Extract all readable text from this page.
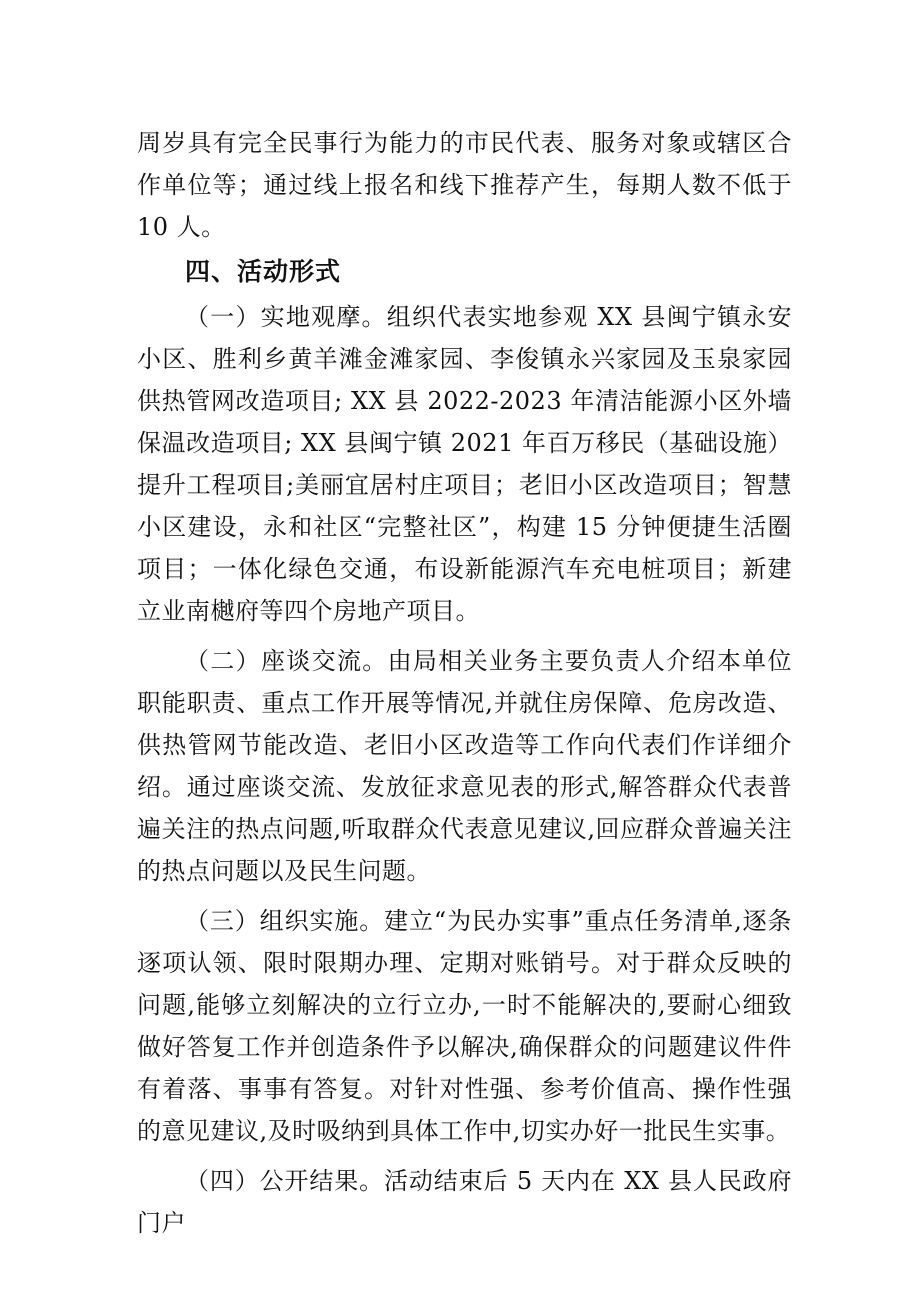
周岁具有完全民事行为能力的市民代表、服务对象或辖区合作单位等；通过线上报名和线下推荐产生，每期人数不低于 10 人。

四、活动形式

（一）实地观摩。组织代表实地参观 XX 县闽宁镇永安小区、胜利乡黄羊滩金滩家园、李俊镇永兴家园及玉泉家园供热管网改造项目; XX 县 2022-2023 年清洁能源小区外墙保温改造项目; XX 县闽宁镇 2021 年百万移民（基础设施）提升工程项目;美丽宜居村庄项目；老旧小区改造项目；智慧小区建设，永和社区“完整社区”，构建 15 分钟便捷生活圈项目；一体化绿色交通，布设新能源汽车充电桩项目；新建立业南樾府等四个房地产项目。

（二）座谈交流。由局相关业务主要负责人介绍本单位职能职责、重点工作开展等情况,并就住房保障、危房改造、供热管网节能改造、老旧小区改造等工作向代表们作详细介绍。通过座谈交流、发放征求意见表的形式,解答群众代表普遍关注的热点问题,听取群众代表意见建议,回应群众普遍关注的热点问题以及民生问题。

（三）组织实施。建立“为民办实事”重点任务清单,逐条逐项认领、限时限期办理、定期对账销号。对于群众反映的问题,能够立刻解决的立行立办,一时不能解决的,要耐心细致做好答复工作并创造条件予以解决,确保群众的问题建议件件有着落、事事有答复。对针对性强、参考价值高、操作性强的意见建议,及时吸纳到具体工作中,切实办好一批民生实事。

（四）公开结果。活动结束后 5 天内在 XX 县人民政府门户
